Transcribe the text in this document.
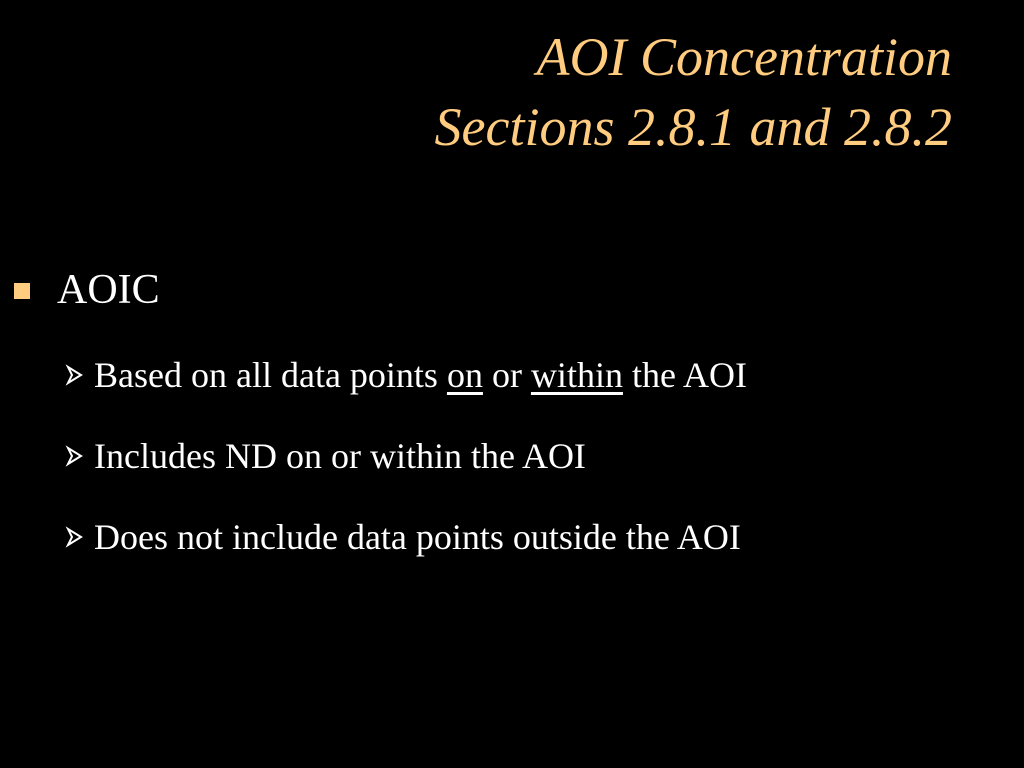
AOI Concentration
Sections 2.8.1 and 2.8.2
AOIC
Based on all data points on or within the AOI
Includes ND on or within the AOI
Does not include data points outside the AOI
